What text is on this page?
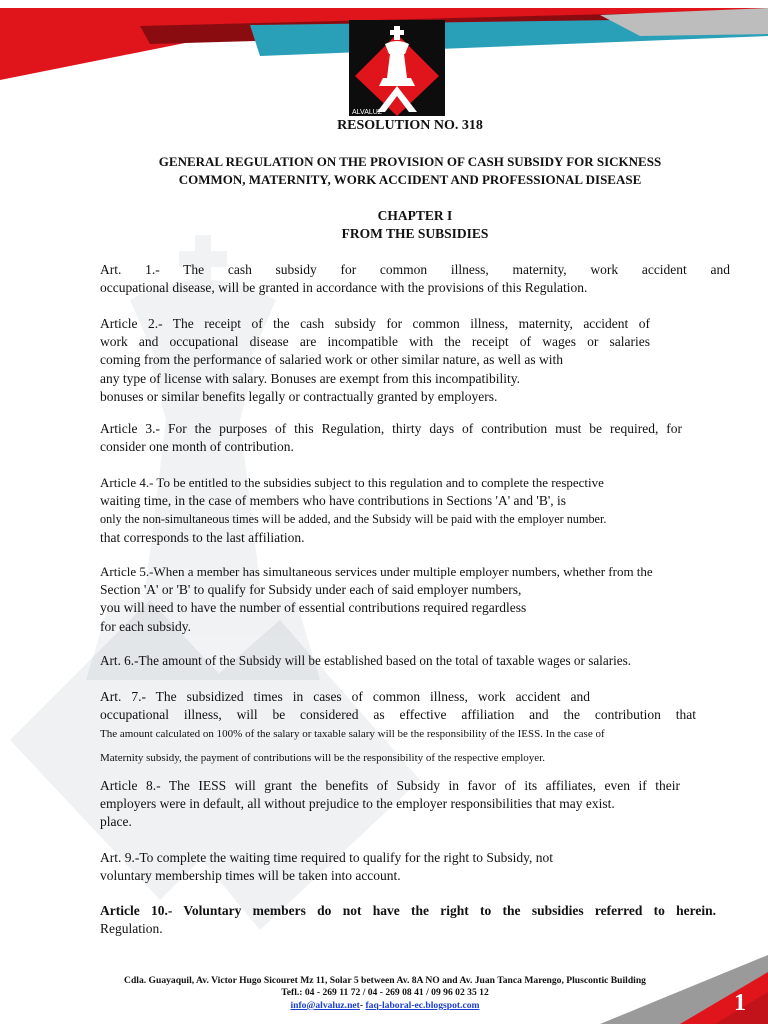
ALVALUZ
RESOLUTION NO. 318
GENERAL REGULATION ON THE PROVISION OF CASH SUBSIDY FOR SICKNESS
COMMON, MATERNITY, WORK ACCIDENT AND PROFESSIONAL DISEASE
CHAPTER I
FROM THE SUBSIDIES
Art. 1.- The cash subsidy for common illness, maternity, work accident and
occupational disease, will be granted in accordance with the provisions of this Regulation.
Article 2.- The receipt of the cash subsidy for common illness, maternity, accident of
work and occupational disease are incompatible with the receipt of wages or salaries
coming from the performance of salaried work or other similar nature, as well as with
any type of license with salary. Bonuses are exempt from this incompatibility.
bonuses or similar benefits legally or contractually granted by employers.
Article 3.- For the purposes of this Regulation, thirty days of contribution must be required, for
consider one month of contribution.
Article 4.- To be entitled to the subsidies subject to this regulation and to complete the respective
waiting time, in the case of members who have contributions in Sections 'A' and 'B', is
only the non-simultaneous times will be added, and the Subsidy will be paid with the employer number.
that corresponds to the last affiliation.
Article 5.-When a member has simultaneous services under multiple employer numbers, whether from the
Section 'A' or 'B' to qualify for Subsidy under each of said employer numbers,
you will need to have the number of essential contributions required regardless
for each subsidy.
Art. 6.-The amount of the Subsidy will be established based on the total of taxable wages or salaries.
Art. 7.- The subsidized times in cases of common illness, work accident and
occupational illness, will be considered as effective affiliation and the contribution that
The amount calculated on 100% of the salary or taxable salary will be the responsibility of the IESS. In the case of
Maternity subsidy, the payment of contributions will be the responsibility of the respective employer.
Article 8.- The IESS will grant the benefits of Subsidy in favor of its affiliates, even if their
employers were in default, all without prejudice to the employer responsibilities that may exist.
place.
Art. 9.-To complete the waiting time required to qualify for the right to Subsidy, not
voluntary membership times will be taken into account.
Article 10.- Voluntary members do not have the right to the subsidies referred to herein.
Regulation.
Cdla. Guayaquil, Av. Victor Hugo Sicouret Mz 11, Solar 5 between Av. 8A NO and Av. Juan Tanca Marengo, Pluscontic Building
Tefl.: 04 - 269 11 72 / 04 - 269 08 41 / 09 96 02 35 12
info@alvaluz.net- faq-laboral-ec.blogspot.com	1
